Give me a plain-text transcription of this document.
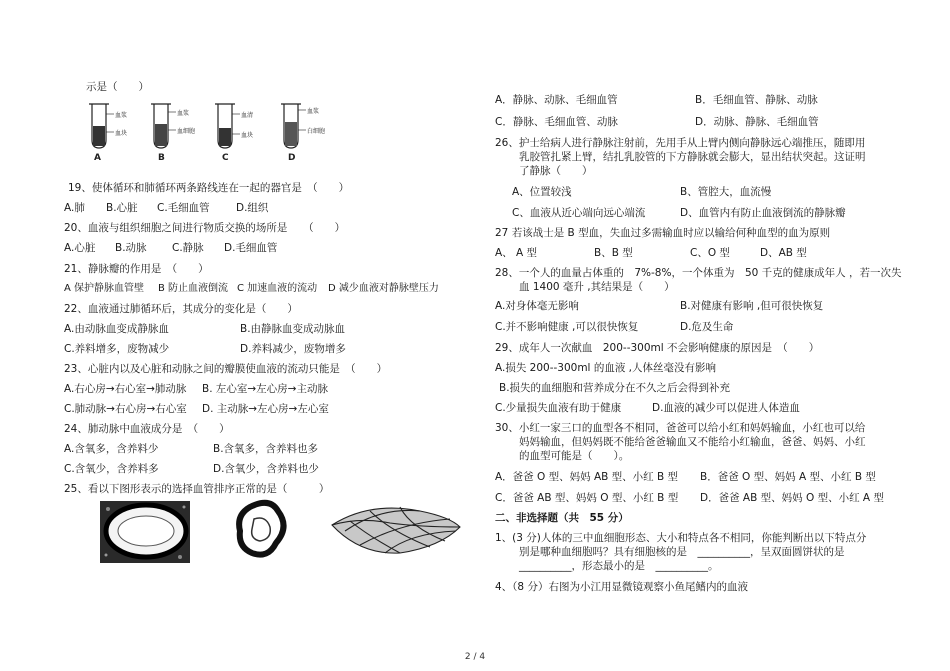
示是（　　）
血浆
血块
A
血浆
血细胞
B
血清
血块
C
血浆
白细胞
D
19、使体循环和肺循环两条路线连在一起的器官是　（　　）
A.肺 B.心脏 C.毛细血管	D.组织
20、血液与组织细胞之间进行物质交换的场所是　　（　　）
A.心脏 B.动脉 C.静脉 D.毛细血管
21、静脉瓣的作用是　（　　）
A 保护静脉血管壁 B 防止血液倒流 C 加速血液的流动 D 减少血液对静脉壁压力
22、血液通过肺循环后，其成分的变化是（　　）
A.由动脉血变成静脉血	B.由静脉血变成动脉血
C.养料增多，废物减少	D.养料减少，废物增多
23、心脏内以及心脏和动脉之间的瓣膜使血液的流动只能是　（　　）
A.右心房→右心室→肺动脉 B. 左心室→左心房→主动脉
C.肺动脉→右心房→右心室 D. 主动脉→左心房→左心室
24、肺动脉中血液成分是　（　　）
A.含氧多，含养料少	B.含氧多，含养料也多
C.含氧少，含养料多	D.含氧少，含养料也少
25、看以下图形表示的选择血管排序正常的是（　　　）
A．静脉、动脉、毛细血管	B．毛细血管、静脉、动脉
C．静脉、毛细血管、动脉	D．动脉、静脉、毛细血管
26、护士给病人进行静脉注射前，先用手从上臂内侧向静脉远心端推压，随即用
乳胶管扎紧上臂，结扎乳胶管的下方静脉就会膨大，显出结状突起。这证明
了静脉（　　）
A、位置较浅	B、管腔大，血流慢
C、血液从近心端向远心端流	D、血管内有防止血液倒流的静脉瓣
27 若该战士是 B 型血，失血过多需输血时应以输给何种血型的血为原则
A、 A 型	B、B 型	C、O 型	D、AB 型
28、一个人的血量占体重的　7%-8%，一个体重为　50 千克的健康成年人 ，若一次失
血 1400 毫升 ,其结果是（　　）
A.对身体毫无影响	B.对健康有影响 ,但可很快恢复
C.并不影响健康 ,可以很快恢复	D.危及生命
29、成年人一次献血　200--300ml 不会影响健康的原因是　（　　）
A.损失 200--300ml 的血液 ,人体丝毫没有影响
B.损失的血细胞和营养成分在不久之后会得到补充
C.少量损失血液有助于健康	D.血液的减少可以促进人体造血
30、小红一家三口的血型各不相同，爸爸可以给小红和妈妈输血，小红也可以给
妈妈输血，但妈妈既不能给爸爸输血又不能给小红输血，爸爸、妈妈、小红
的血型可能是（　　）。
A．爸爸 O 型、妈妈 AB 型、小红 B 型 B．爸爸 O 型、妈妈 A 型、小红 B 型
C．爸爸 AB 型、妈妈 O 型、小红 B 型 D．爸爸 AB 型、妈妈 O 型、小红 A 型
二、非选择题（共　55 分）
1、(3 分)人体的三中血细胞形态、大小和特点各不相同，你能判断出以下特点分
别是哪种血细胞吗？具有细胞核的是　__________，呈双面圆饼状的是
__________，形态最小的是　__________。
4、（8 分）右图为小江用显微镜观察小鱼尾鳍内的血液
2 / 4
